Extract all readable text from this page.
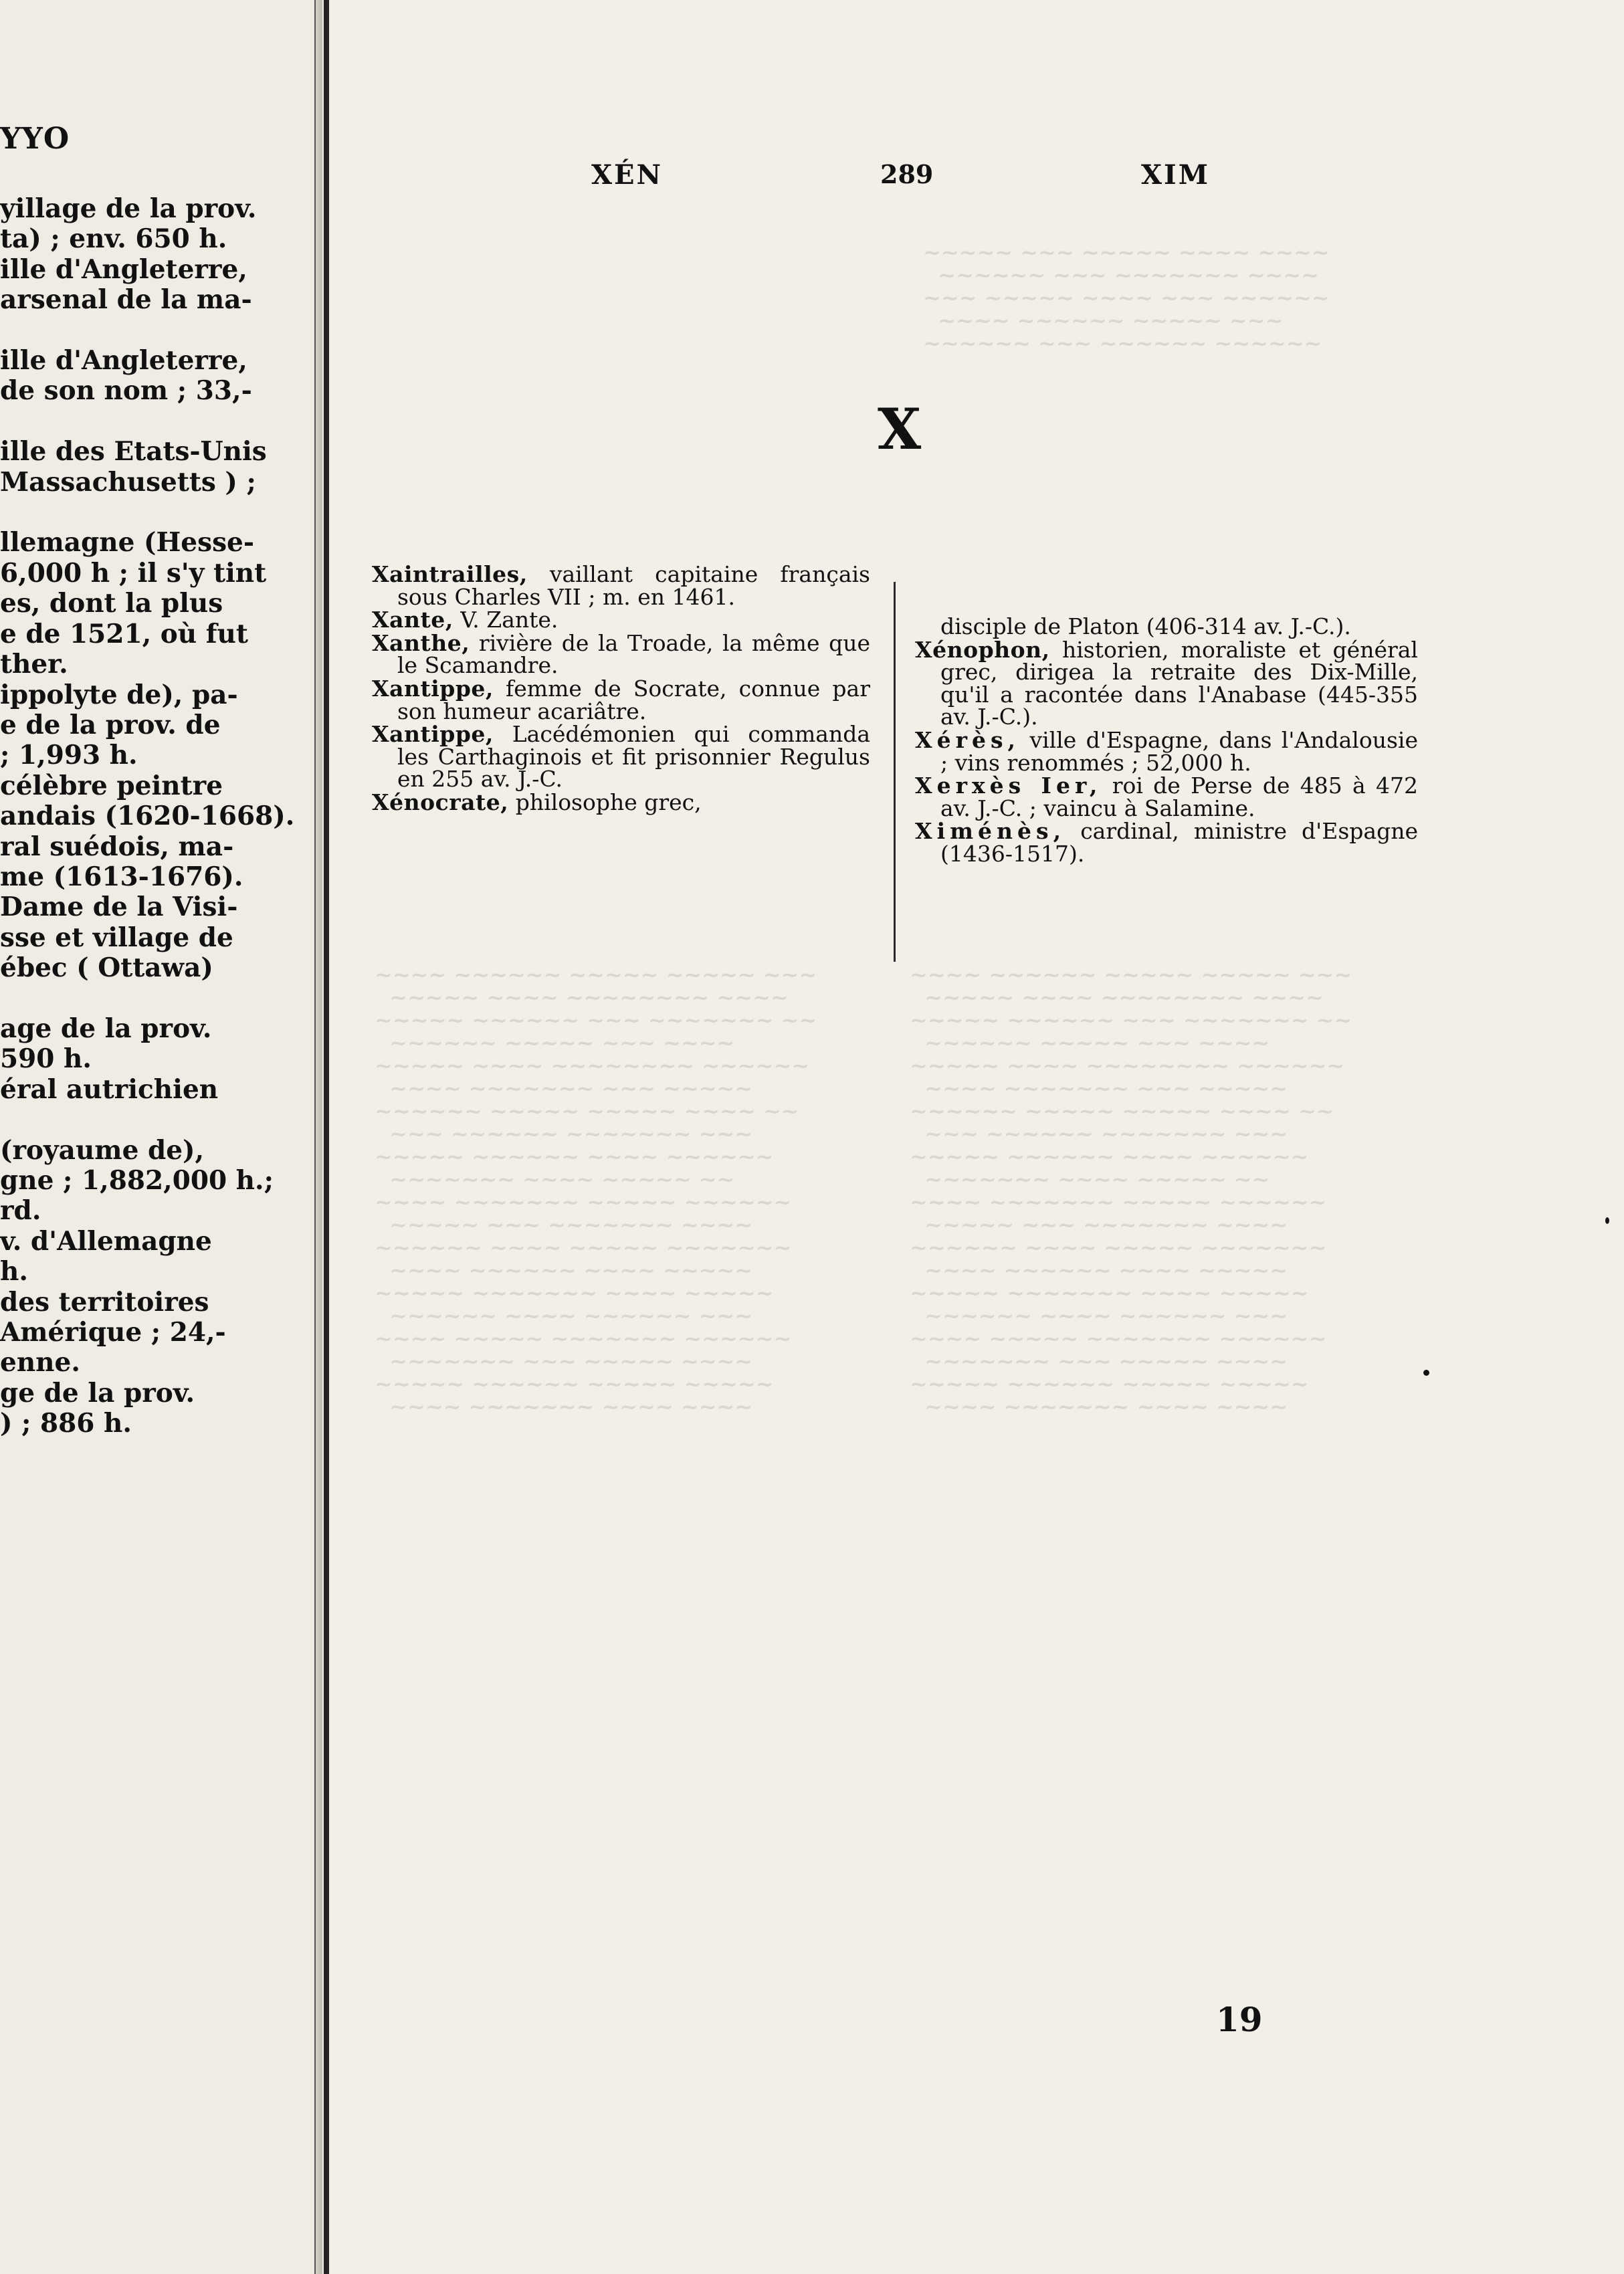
~~~~~ ~~~ ~~~~~ ~~~~ ~~~~
~~~~~~ ~~~ ~~~~~~~ ~~~~
~~~ ~~~~~ ~~~~ ~~~ ~~~~~~
~~~~ ~~~~~~ ~~~~~ ~~~
~~~~~~ ~~~ ~~~~~~ ~~~~~~
~~~~ ~~~~~~ ~~~~~ ~~~~~ ~~~
~~~~~ ~~~~ ~~~~~~~~ ~~~~
~~~~~ ~~~~~~ ~~~ ~~~~~~~ ~~
~~~~~~ ~~~~~ ~~~ ~~~~
~~~~~ ~~~~ ~~~~~~~~ ~~~~~~
~~~~ ~~~~~~~ ~~~ ~~~~~
~~~~~~ ~~~~~ ~~~~~ ~~~~ ~~
~~~ ~~~~~~ ~~~~~~~ ~~~
~~~~~ ~~~~~~ ~~~~ ~~~~~~
~~~~~~~ ~~~~ ~~~~~ ~~
~~~~ ~~~~~~~ ~~~~~ ~~~~~~
~~~~~ ~~~ ~~~~~~~ ~~~~
~~~~~~ ~~~~ ~~~~~ ~~~~~~~
~~~~ ~~~~~~ ~~~~ ~~~~~
~~~~~ ~~~~~~~ ~~~~ ~~~~~
~~~~~~ ~~~~ ~~~~~~ ~~~
~~~~ ~~~~~ ~~~~~~~ ~~~~~~
~~~~~~~ ~~~ ~~~~~ ~~~~
~~~~~ ~~~~~~ ~~~~~ ~~~~~
~~~~ ~~~~~~~ ~~~~ ~~~~
~~~~ ~~~~~~ ~~~~~ ~~~~~ ~~~
~~~~~ ~~~~ ~~~~~~~~ ~~~~
~~~~~ ~~~~~~ ~~~ ~~~~~~~ ~~
~~~~~~ ~~~~~ ~~~ ~~~~
~~~~~ ~~~~ ~~~~~~~~ ~~~~~~
~~~~ ~~~~~~~ ~~~ ~~~~~
~~~~~~ ~~~~~ ~~~~~ ~~~~ ~~
~~~ ~~~~~~ ~~~~~~~ ~~~
~~~~~ ~~~~~~ ~~~~ ~~~~~~
~~~~~~~ ~~~~ ~~~~~ ~~
~~~~ ~~~~~~~ ~~~~~ ~~~~~~
~~~~~ ~~~ ~~~~~~~ ~~~~
~~~~~~ ~~~~ ~~~~~ ~~~~~~~
~~~~ ~~~~~~ ~~~~ ~~~~~
~~~~~ ~~~~~~~ ~~~~ ~~~~~
~~~~~~ ~~~~ ~~~~~~ ~~~
~~~~ ~~~~~ ~~~~~~~ ~~~~~~
~~~~~~~ ~~~ ~~~~~ ~~~~
~~~~~ ~~~~~~ ~~~~~ ~~~~~
~~~~ ~~~~~~~ ~~~~ ~~~~
YYO
yillage de la prov.
ta) ; env. 650 h.
ille d'Angleterre,
arsenal de la ma-

ille d'Angleterre,
de son nom ; 33,-

ille des Etats-Unis
Massachusetts ) ;

llemagne (Hesse-
6,000 h ; il s'y tint
es, dont la plus
e de 1521, où fut
ther.
ippolyte de), pa-
e de la prov. de
; 1,993 h.
célèbre peintre
andais (1620-1668).
ral suédois, ma-
me (1613-1676).
Dame de la Visi-
sse et village de
ébec ( Ottawa)

age de la prov.
590 h.
éral autrichien

(royaume de),
gne ; 1,882,000 h.;
rd.
v. d'Allemagne
h.
des territoires
Amérique ; 24,-
enne.
ge de la prov.
) ; 886 h.
XÉN	289	XIM
X

Xaintrailles, vaillant capitaine français sous Charles VII ; m. en 1461.

Xante, V. Zante.

Xanthe, rivière de la Troade, la même que le Scamandre.

Xantippe, femme de Socrate, connue par son humeur acariâtre.

Xantippe, Lacédémonien qui commanda les Carthaginois et fit prisonnier Regulus en 255 av. J.-C.

Xénocrate, philosophe grec,

disciple de Platon (406-314 av. J.-C.).

Xénophon, historien, moraliste et général grec, dirigea la retraite des Dix-Mille, qu'il a racontée dans l'Anabase (445-355 av. J.-C.).

Xérès, ville d'Espagne, dans l'Andalousie ; vins renommés ; 52,000 h.

Xerxès Ier, roi de Perse de 485 à 472 av. J.-C. ; vaincu à Salamine.

Ximénès, cardinal, ministre d'Espagne (1436-1517).

19
